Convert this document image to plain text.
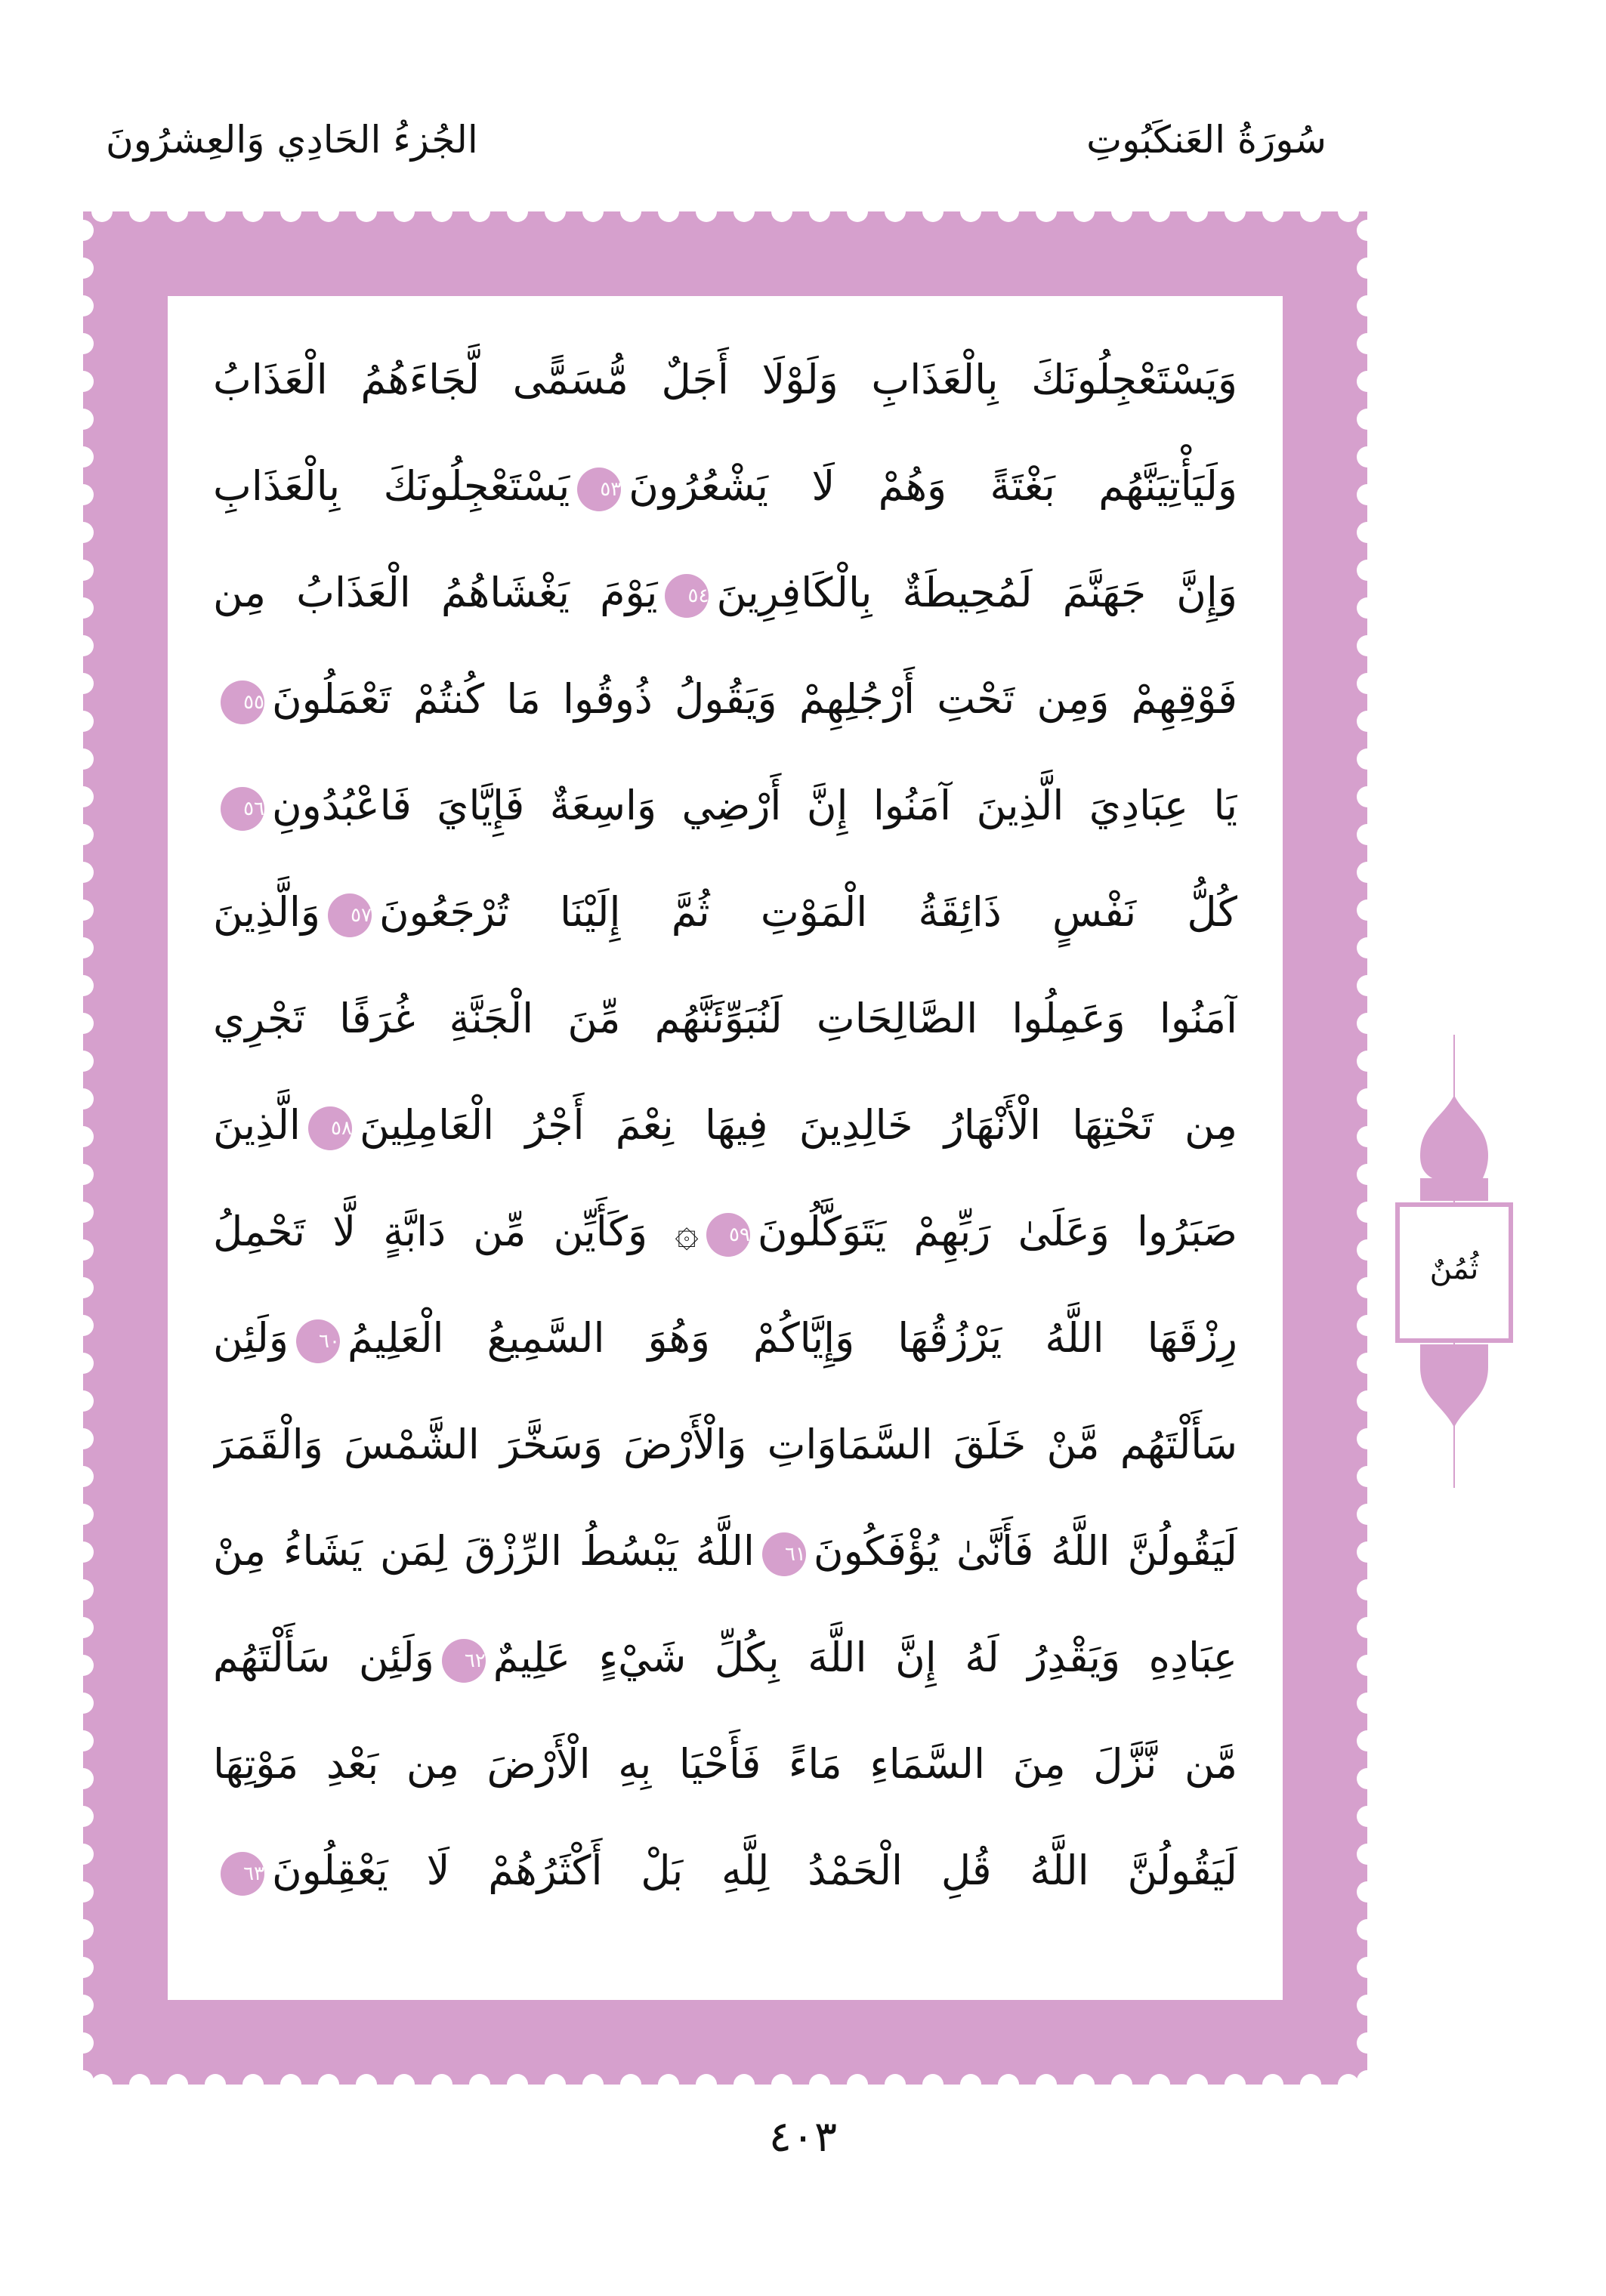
سُورَةُ العَنكَبُوتِ
الجُزءُ الحَادِي وَالعِشرُونَ
وَيَسْتَعْجِلُونَكَ بِالْعَذَابِ وَلَوْلَا أَجَلٌ مُّسَمًّى لَّجَاءَهُمُ الْعَذَابُ
وَلَيَأْتِيَنَّهُم بَغْتَةً وَهُمْ لَا يَشْعُرُونَ٥٣يَسْتَعْجِلُونَكَ بِالْعَذَابِ
وَإِنَّ جَهَنَّمَ لَمُحِيطَةٌ بِالْكَافِرِينَ٥٤يَوْمَ يَغْشَاهُمُ الْعَذَابُ مِن
فَوْقِهِمْ وَمِن تَحْتِ أَرْجُلِهِمْ وَيَقُولُ ذُوقُوا مَا كُنتُمْ تَعْمَلُونَ٥٥
يَا عِبَادِيَ الَّذِينَ آمَنُوا إِنَّ أَرْضِي وَاسِعَةٌ فَإِيَّايَ فَاعْبُدُونِ٥٦
كُلُّ نَفْسٍ ذَائِقَةُ الْمَوْتِ ثُمَّ إِلَيْنَا تُرْجَعُونَ٥٧وَالَّذِينَ
آمَنُوا وَعَمِلُوا الصَّالِحَاتِ لَنُبَوِّئَنَّهُم مِّنَ الْجَنَّةِ غُرَفًا تَجْرِي
مِن تَحْتِهَا الْأَنْهَارُ خَالِدِينَ فِيهَا نِعْمَ أَجْرُ الْعَامِلِينَ٥٨الَّذِينَ
صَبَرُوا وَعَلَىٰ رَبِّهِمْ يَتَوَكَّلُونَ٥٩۞ وَكَأَيِّن مِّن دَابَّةٍ لَّا تَحْمِلُ
رِزْقَهَا اللَّهُ يَرْزُقُهَا وَإِيَّاكُمْ وَهُوَ السَّمِيعُ الْعَلِيمُ٦٠وَلَئِن
سَأَلْتَهُم مَّنْ خَلَقَ السَّمَاوَاتِ وَالْأَرْضَ وَسَخَّرَ الشَّمْسَ وَالْقَمَرَ
لَيَقُولُنَّ اللَّهُ فَأَنَّىٰ يُؤْفَكُونَ٦١اللَّهُ يَبْسُطُ الرِّزْقَ لِمَن يَشَاءُ مِنْ
عِبَادِهِ وَيَقْدِرُ لَهُ إِنَّ اللَّهَ بِكُلِّ شَيْءٍ عَلِيمٌ٦٢وَلَئِن سَأَلْتَهُم
مَّن نَّزَّلَ مِنَ السَّمَاءِ مَاءً فَأَحْيَا بِهِ الْأَرْضَ مِن بَعْدِ مَوْتِهَا
لَيَقُولُنَّ اللَّهُ قُلِ الْحَمْدُ لِلَّهِ بَلْ أَكْثَرُهُمْ لَا يَعْقِلُونَ٦٣
ثُمُنٌ
٤٠٣
